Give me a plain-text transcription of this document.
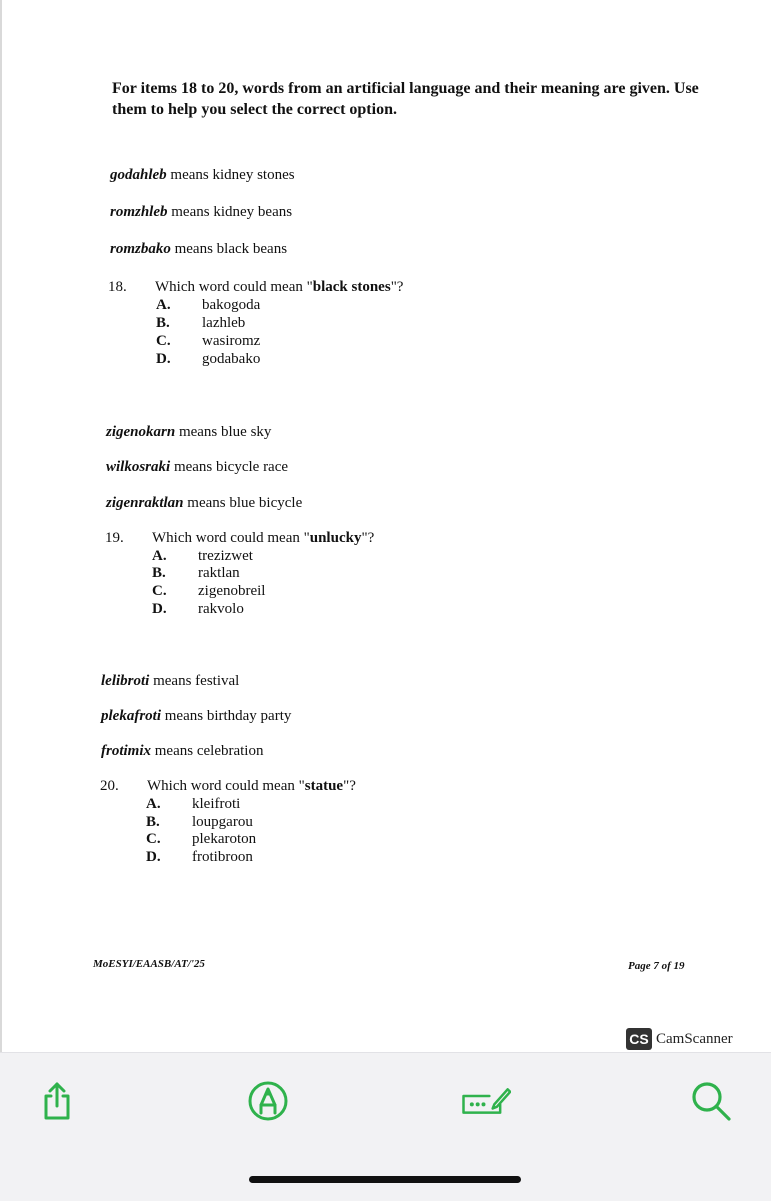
For items 18 to 20, words from an artificial language and their meaning are given. Use them to help you select the correct option.
godahleb means kidney stones
romzhleb means kidney beans
romzbako means black beans
18. Which word could mean "black stones"?
A. bakogoda
B. lazhleb
C. wasiromz
D. godabako
zigenokarn means blue sky
wilkosraki means bicycle race
zigenraktlan means blue bicycle
19. Which word could mean "unlucky"?
A. trezizwet
B. raktlan
C. zigenobreil
D. rakvolo
lelibroti means festival
plekafroti means birthday party
frotimix means celebration
20. Which word could mean "statue"?
A. kleifroti
B. loupgarou
C. plekaroton
D. frotibroon
MoESYI/EAASB/AT/'25	Page 7 of 19
CS CamScanner
